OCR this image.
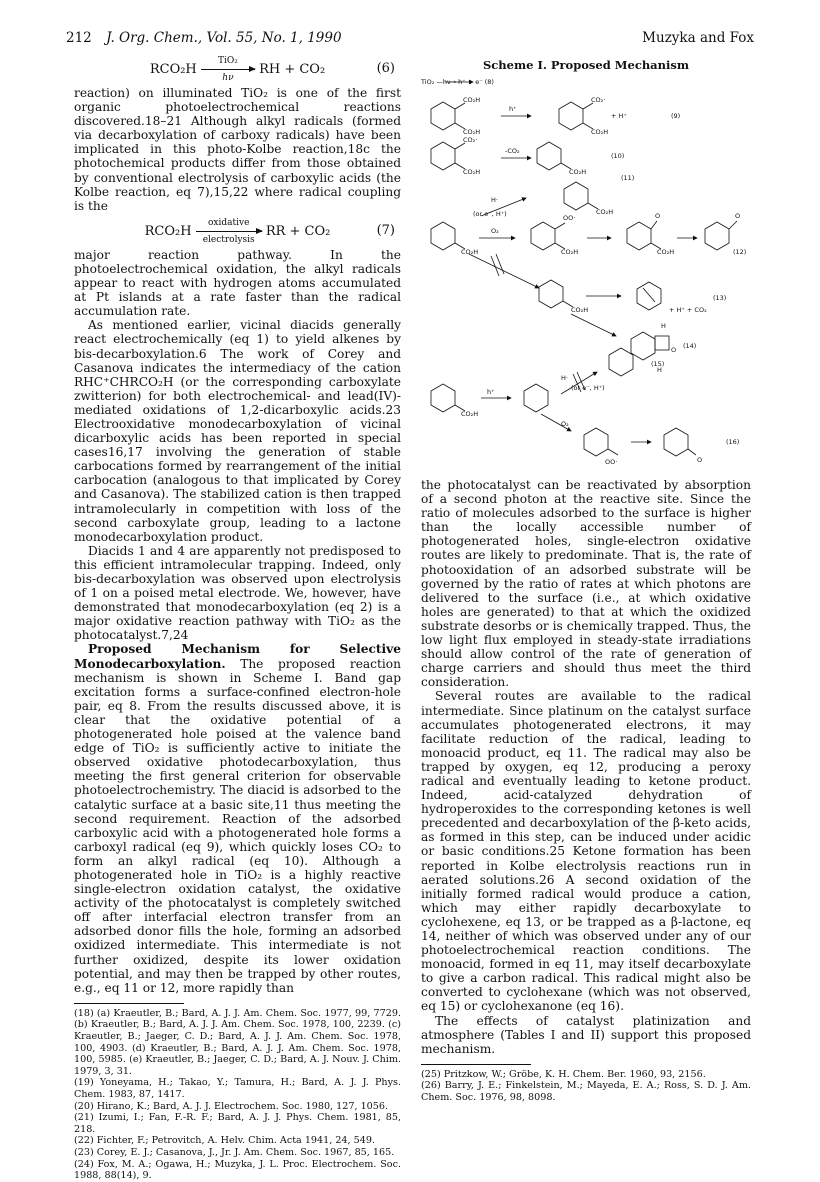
212 J. Org. Chem., Vol. 55, No. 1, 1990	Muzyka and Fox
RCO₂H TiO₂
hν RH + CO₂	(6)

reaction) on illuminated TiO₂ is one of the first organic photoelectrochemical reactions discovered.18–21 Although alkyl radicals (formed via decarboxylation of carboxy radicals) have been implicated in this photo-Kolbe reaction,18c the photochemical products differ from those obtained by conventional electrolysis of carboxylic acids (the Kolbe reaction, eq 7),15,22 where radical coupling is the

RCO₂H oxidative
electrolysis RR + CO₂	(7)

major reaction pathway. In the photoelectrochemical oxidation, the alkyl radicals appear to react with hydrogen atoms accumulated at Pt islands at a rate faster than the radical accumulation rate.

As mentioned earlier, vicinal diacids generally react electrochemically (eq 1) to yield alkenes by bis-decarboxylation.6 The work of Corey and Casanova indicates the intermediacy of the cation RHC⁺CHRCO₂H (or the corresponding carboxylate zwitterion) for both electrochemical- and lead(IV)-mediated oxidations of 1,2-dicarboxylic acids.23 Electrooxidative monodecarboxylation of vicinal dicarboxylic acids has been reported in special cases16,17 involving the generation of stable carbocations formed by rearrangement of the initial carbocation (analogous to that implicated by Corey and Casanova). The stabilized cation is then trapped intramolecularly in competition with loss of the second carboxylate group, leading to a lactone monodecarboxylation product.

Diacids 1 and 4 are apparently not predisposed to this efficient intramolecular trapping. Indeed, only bis-decarboxylation was observed upon electrolysis of 1 on a poised metal electrode. We, however, have demonstrated that monodecarboxylation (eq 2) is a major oxidative reaction pathway with TiO₂ as the photocatalyst.7,24

Proposed Mechanism for Selective Monodecarboxylation. The proposed reaction mechanism is shown in Scheme I. Band gap excitation forms a surface-confined electron-hole pair, eq 8. From the results discussed above, it is clear that the oxidative potential of a photogenerated hole poised at the valence band edge of TiO₂ is sufficiently active to initiate the observed oxidative photodecarboxylation, thus meeting the first general criterion for observable photoelectrochemistry. The diacid is adsorbed to the catalytic surface at a basic site,11 thus meeting the second requirement. Reaction of the adsorbed carboxylic acid with a photogenerated hole forms a carboxyl radical (eq 9), which quickly loses CO₂ to form an alkyl radical (eq 10). Although a photogenerated hole in TiO₂ is a highly reactive single-electron oxidation catalyst, the oxidative activity of the photocatalyst is completely switched off after interfacial electron transfer from an adsorbed donor fills the hole, forming an adsorbed oxidized intermediate. This intermediate is not further oxidized, despite its lower oxidation potential, and may then be trapped by other routes, e.g., eq 11 or 12, more rapidly than

(18) (a) Kraeutler, B.; Bard, A. J. J. Am. Chem. Soc. 1977, 99, 7729. (b) Kraeutler, B.; Bard, A. J. J. Am. Chem. Soc. 1978, 100, 2239. (c) Kraeutler, B.; Jaeger, C. D.; Bard, A. J. J. Am. Chem. Soc. 1978, 100, 4903. (d) Kraeutler, B.; Bard, A. J. J. Am. Chem. Soc. 1978, 100, 5985. (e) Kraeutler, B.; Jaeger, C. D.; Bard, A. J. Nouv. J. Chim. 1979, 3, 31.
(19) Yoneyama, H.; Takao, Y.; Tamura, H.; Bard, A. J. J. Phys. Chem. 1983, 87, 1417.
(20) Hirano, K.; Bard, A. J. J. Electrochem. Soc. 1980, 127, 1056.
(21) Izumi, I.; Fan, F.-R. F.; Bard, A. J. J. Phys. Chem. 1981, 85, 218.
(22) Fichter, F.; Petrovitch, A. Helv. Chim. Acta 1941, 24, 549.
(23) Corey, E. J.; Casanova, J., Jr. J. Am. Chem. Soc. 1967, 85, 165.
(24) Fox, M. A.; Ogawa, H.; Muzyka, J. L. Proc. Electrochem. Soc. 1988, 88(14), 9.
Scheme I. Proposed Mechanism
TiO₂ —hν→ h⁺ + e⁻ (8)
CO₂H
CO₂H
h⁺
CO₂·
CO₂H
+ H⁺	(9)
CO₂·
CO₂H
-CO₂
CO₂H
(10)
(11)
H·
(or e⁻, H⁺)	CO₂H
CO₂H
O₂
OO·
CO₂H
O
CO₂H
O
(12)
CO₂H
(13)
+ H⁺ + CO₂
H
O
H
(14)
CO₂H
h⁺
H·
(or e⁻, H⁺)
(15)
O₂
OO·	O
(16)

the photocatalyst can be reactivated by absorption of a second photon at the reactive site. Since the ratio of molecules adsorbed to the surface is higher than the locally accessible number of photogenerated holes, single-electron oxidative routes are likely to predominate. That is, the rate of photooxidation of an adsorbed substrate will be governed by the ratio of rates at which photons are delivered to the surface (i.e., at which oxidative holes are generated) to that at which the oxidized substrate desorbs or is chemically trapped. Thus, the low light flux employed in steady-state irradiations should allow control of the rate of generation of charge carriers and should thus meet the third consideration.

Several routes are available to the radical intermediate. Since platinum on the catalyst surface accumulates photogenerated electrons, it may facilitate reduction of the radical, leading to monoacid product, eq 11. The radical may also be trapped by oxygen, eq 12, producing a peroxy radical and eventually leading to ketone product. Indeed, acid-catalyzed dehydration of hydroperoxides to the corresponding ketones is well precedented and decarboxylation of the β-keto acids, as formed in this step, can be induced under acidic or basic conditions.25 Ketone formation has been reported in Kolbe electrolysis reactions run in aerated solutions.26 A second oxidation of the initially formed radical would produce a cation, which may either rapidly decarboxylate to cyclohexene, eq 13, or be trapped as a β-lactone, eq 14, neither of which was observed under any of our photoelectrochemical reaction conditions. The monoacid, formed in eq 11, may itself decarboxylate to give a carbon radical. This radical might also be converted to cyclohexane (which was not observed, eq 15) or cyclohexanone (eq 16).

The effects of catalyst platinization and atmosphere (Tables I and II) support this proposed mechanism.

(25) Pritzkow, W.; Gröbe, K. H. Chem. Ber. 1960, 93, 2156.
(26) Barry, J. E.; Finkelstein, M.; Mayeda, E. A.; Ross, S. D. J. Am. Chem. Soc. 1976, 98, 8098.
